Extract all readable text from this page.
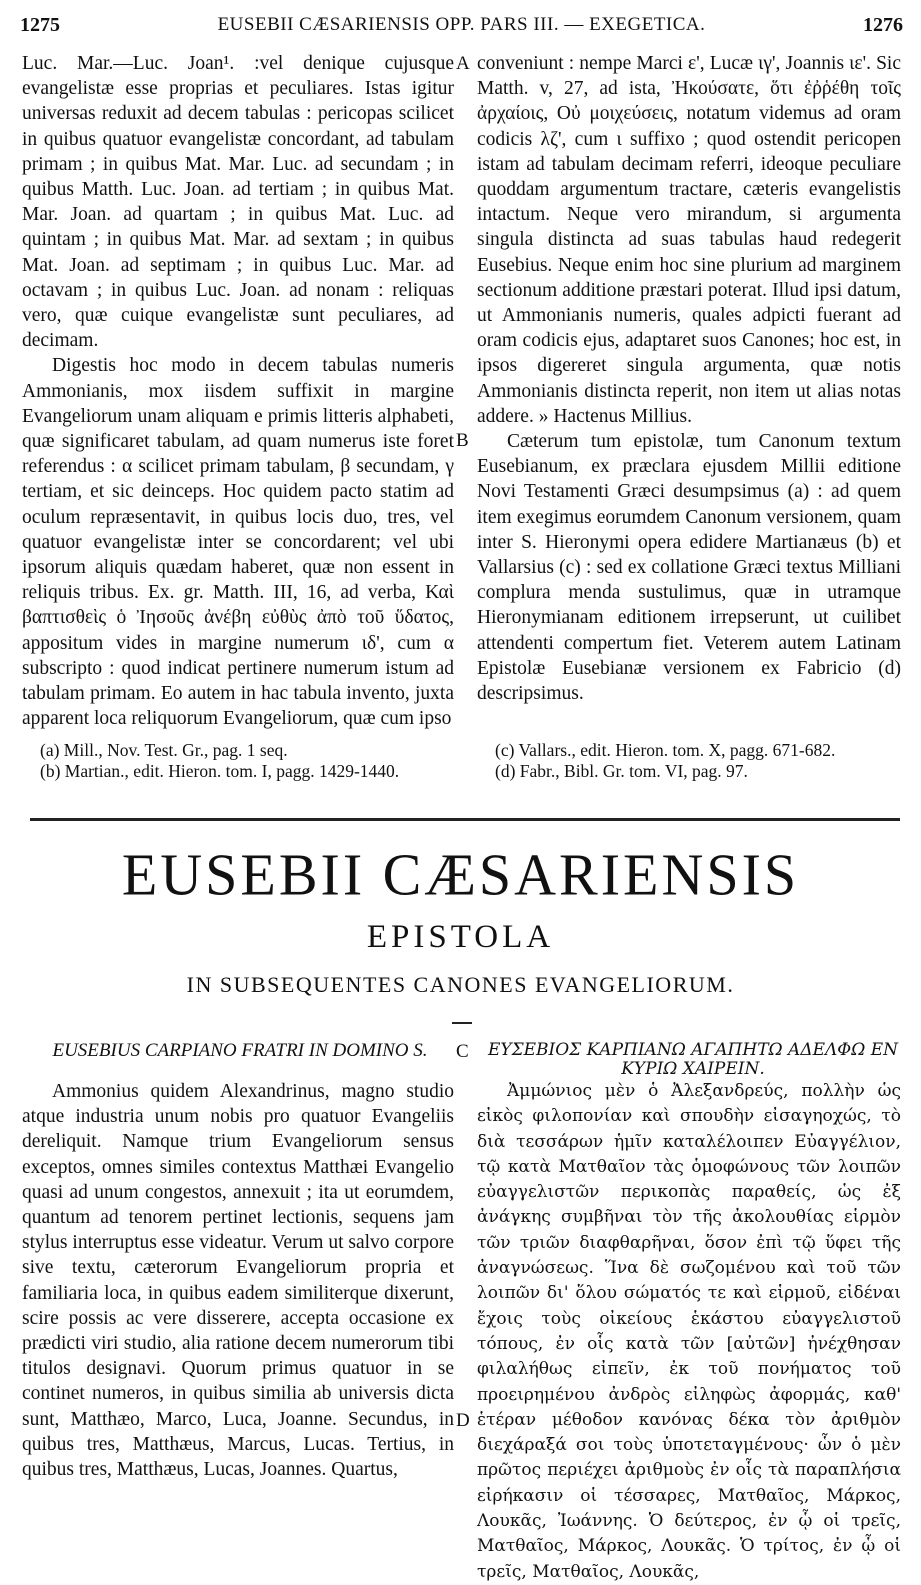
1275	EUSEBII CÆSARIENSIS OPP. PARS III. — EXEGETICA.	1276

Luc. Mar.—Luc. Joan¹. :vel denique cujusque evangelistæ esse proprias et peculiares. Istas igitur universas reduxit ad decem tabulas : pericopas scilicet in quibus quatuor evangelistæ concordant, ad tabulam primam ; in quibus Mat. Mar. Luc. ad secundam ; in quibus Matth. Luc. Joan. ad tertiam ; in quibus Mat. Mar. Joan. ad quartam ; in quibus Mat. Luc. ad quintam ; in quibus Mat. Mar. ad sextam ; in quibus Mat. Joan. ad septimam ; in quibus Luc. Mar. ad octavam ; in quibus Luc. Joan. ad nonam : reliquas vero, quæ cuique evangelistæ sunt peculiares, ad decimam.

Digestis hoc modo in decem tabulas numeris Ammonianis, mox iisdem suffixit in margine Evangeliorum unam aliquam e primis litteris alphabeti, quæ significaret tabulam, ad quam numerus iste foret referendus : α scilicet primam tabulam, β secundam, γ tertiam, et sic deinceps. Hoc quidem pacto statim ad oculum repræsentavit, in quibus locis duo, tres, vel quatuor evangelistæ inter se concordarent; vel ubi ipsorum aliquis quædam haberet, quæ non essent in reliquis tribus. Ex. gr. Matth. III, 16, ad verba, Καὶ βαπτισθεὶς ὁ Ἰησοῦς ἀνέβη εὐθὺς ἀπὸ τοῦ ὕδατος, appositum vides in margine numerum ιδ', cum α subscripto : quod indicat pertinere numerum istum ad tabulam primam. Eo autem in hac tabula invento, juxta apparent loca reliquorum Evangeliorum, quæ cum ipso

conveniunt : nempe Marci ε', Lucæ ιγ', Joannis ιε'. Sic Matth. v, 27, ad ista, Ἠκούσατε, ὅτι ἐῤῥέθη τοῖς ἀρχαίοις, Οὐ μοιχεύσεις, notatum videmus ad oram codicis λζ', cum ι suffixo ; quod ostendit pericopen istam ad tabulam decimam referri, ideoque peculiare quoddam argumentum tractare, cæteris evangelistis intactum. Neque vero mirandum, si argumenta singula distincta ad suas tabulas haud redegerit Eusebius. Neque enim hoc sine plurium ad marginem sectionum additione præstari poterat. Illud ipsi datum, ut Ammonianis numeris, quales adpicti fuerant ad oram codicis ejus, adaptaret suos Canones; hoc est, in ipsos digereret singula argumenta, quæ notis Ammonianis distincta reperit, non item ut alias notas addere. » Hactenus Millius.

Cæterum tum epistolæ, tum Canonum textum Eusebianum, ex præclara ejusdem Millii editione Novi Testamenti Græci desumpsimus (a) : ad quem item exegimus eorumdem Canonum versionem, quam inter S. Hieronymi opera edidere Martianæus (b) et Vallarsius (c) : sed ex collatione Græci textus Milliani complura menda sustulimus, quæ in utramque Hieronymianam editionem irrepserunt, ut cuilibet attendenti compertum fiet. Veterem autem Latinam Epistolæ Eusebianæ versionem ex Fabricio (d) descripsimus.

A
B
(a) Mill., Nov. Test. Gr., pag. 1 seq.
(b) Martian., edit. Hieron. tom. I, pagg. 1429-1440.
(c) Vallars., edit. Hieron. tom. X, pagg. 671-682.
(d) Fabr., Bibl. Gr. tom. VI, pag. 97.
EUSEBII CÆSARIENSIS
EPISTOLA
IN SUBSEQUENTES CANONES EVANGELIORUM.
EUSEBIUS CARPIANO FRATRI IN DOMINO S.	ΕΥΣΕΒΙΟΣ ΚΑΡΠΙΑΝΩ ΑΓΑΠΗΤΩ ΑΔΕΛΦΩ ΕΝ ΚΥΡΙΩ ΧΑΙΡΕΙΝ.
C
D

Ammonius quidem Alexandrinus, magno studio atque industria unum nobis pro quatuor Evangeliis dereliquit. Namque trium Evangeliorum sensus exceptos, omnes similes contextus Matthæi Evangelio quasi ad unum congestos, annexuit ; ita ut eorumdem, quantum ad tenorem pertinet lectionis, sequens jam stylus interruptus esse videatur. Verum ut salvo corpore sive textu, cæterorum Evangeliorum propria et familiaria loca, in quibus eadem similiterque dixerunt, scire possis ac vere disserere, accepta occasione ex prædicti viri studio, alia ratione decem numerorum tibi titulos designavi. Quorum primus quatuor in se continet numeros, in quibus similia ab universis dicta sunt, Matthæo, Marco, Luca, Joanne. Secundus, in quibus tres, Matthæus, Marcus, Lucas. Tertius, in quibus tres, Matthæus, Lucas, Joannes. Quartus,

Ἀμμώνιος μὲν ὁ Ἀλεξανδρεύς, πολλὴν ὡς εἰκὸς φιλοπονίαν καὶ σπουδὴν εἰσαγηοχώς, τὸ διὰ τεσσάρων ἡμῖν καταλέλοιπεν Εὐαγγέλιον, τῷ κατὰ Ματθαῖον τὰς ὁμοφώνους τῶν λοιπῶν εὐαγγελιστῶν περικοπὰς παραθείς, ὡς ἐξ ἀνάγκης συμβῆναι τὸν τῆς ἀκολουθίας εἱρμὸν τῶν τριῶν διαφθαρῆναι, ὅσον ἐπὶ τῷ ὕφει τῆς ἀναγνώσεως. Ἵνα δὲ σωζομένου καὶ τοῦ τῶν λοιπῶν δι' ὅλου σώματός τε καὶ εἱρμοῦ, εἰδέναι ἔχοις τοὺς οἰκείους ἑκάστου εὐαγγελιστοῦ τόπους, ἐν οἷς κατὰ τῶν [αὐτῶν] ἠνέχθησαν φιλαλήθως εἰπεῖν, ἐκ τοῦ πονήματος τοῦ προειρημένου ἀνδρὸς εἰληφὼς ἀφορμάς, καθ' ἑτέραν μέθοδον κανόνας δέκα τὸν ἀριθμὸν διεχάραξά σοι τοὺς ὑποτεταγμένους· ὧν ὁ μὲν πρῶτος περιέχει ἀριθμοὺς ἐν οἷς τὰ παραπλήσια εἰρήκασιν οἱ τέσσαρες, Ματθαῖος, Μάρκος, Λουκᾶς, Ἰωάννης. Ὁ δεύτερος, ἐν ᾧ οἱ τρεῖς, Ματθαῖος, Μάρκος, Λουκᾶς. Ὁ τρίτος, ἐν ᾧ οἱ τρεῖς, Ματθαῖος, Λουκᾶς,
